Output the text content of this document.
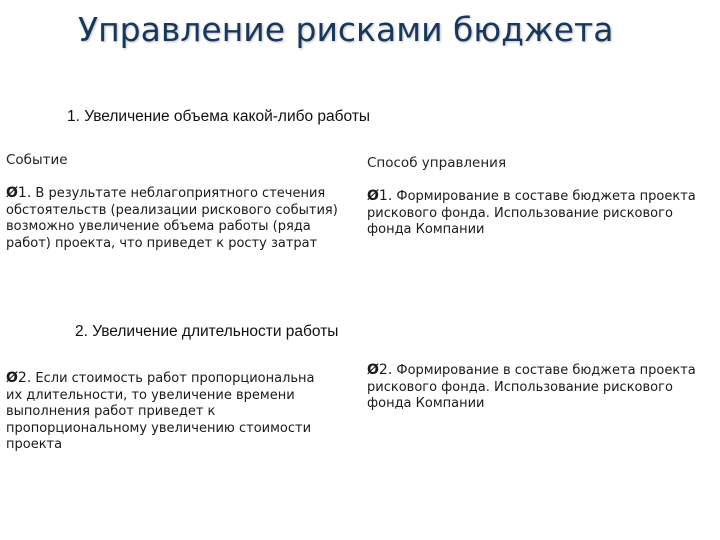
Управление рисками бюджета
1. Увеличение объема какой-либо работы
Событие	Способ управления
Ø1. В результате неблагоприятного стечения обстоятельств (реализации рискового события) возможно увеличение объема работы (ряда работ) проекта, что приведет к росту затрат
Ø1. Формирование в составе бюджета проекта рискового фонда. Использование рискового фонда Компании
2. Увеличение длительности работы
Ø2. Если стоимость работ пропорциональна их длительности, то увеличение времени выполнения работ приведет к пропорциональному увеличению стоимости проекта
Ø2. Формирование в составе бюджета проекта рискового фонда. Использование рискового фонда Компании
